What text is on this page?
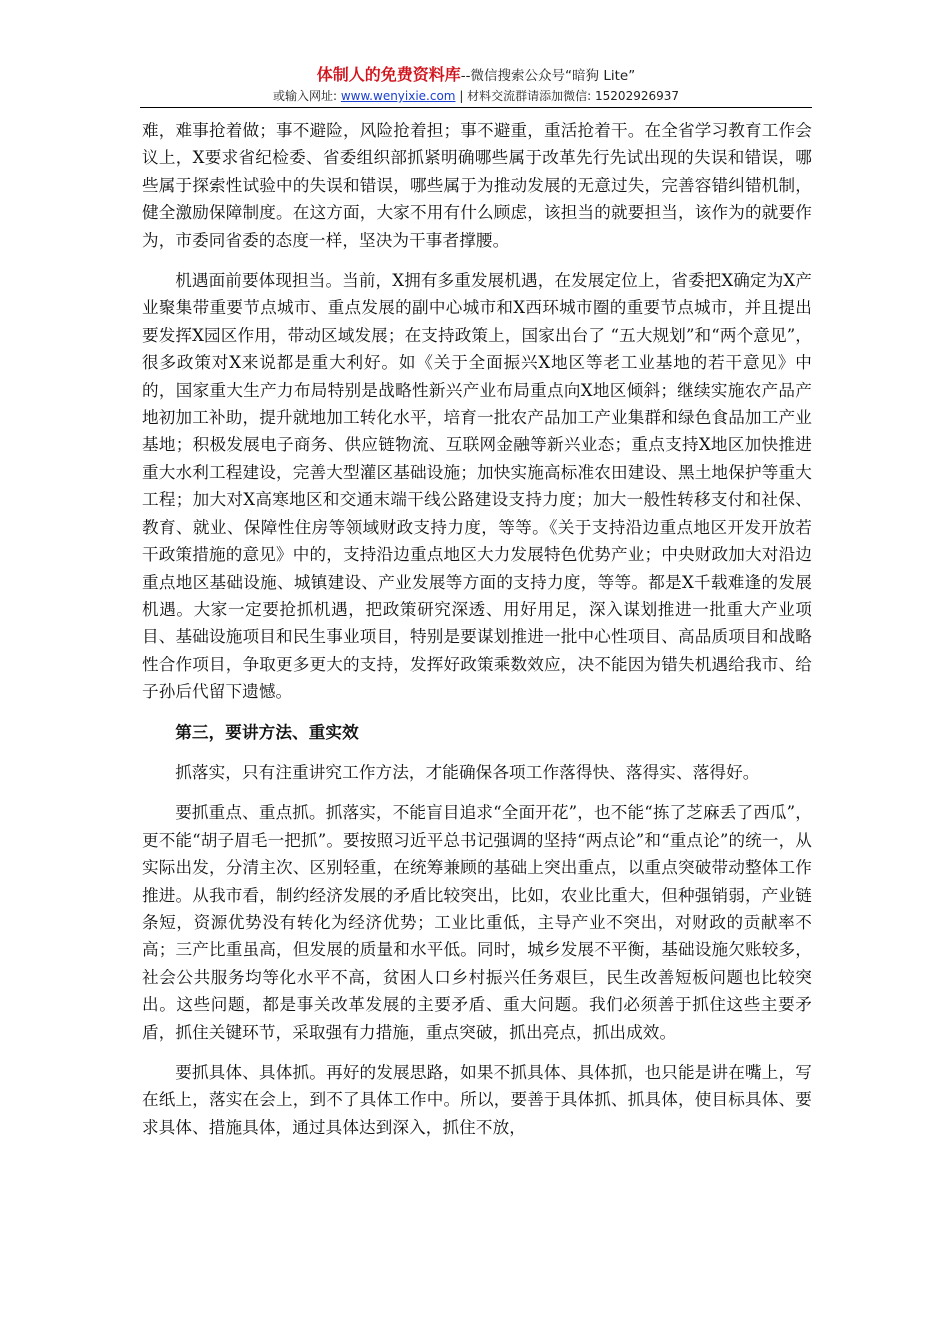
体制人的免费资料库--微信搜索公众号“暗狗 Lite”
或输入网址: www.wenyixie.com | 材料交流群请添加微信: 15202926937

难，难事抢着做；事不避险，风险抢着担；事不避重，重活抢着干。在全省学习教育工作会议上，X要求省纪检委、省委组织部抓紧明确哪些属于改革先行先试出现的失误和错误，哪些属于探索性试验中的失误和错误，哪些属于为推动发展的无意过失，完善容错纠错机制，健全激励保障制度。在这方面，大家不用有什么顾虑，该担当的就要担当，该作为的就要作为，市委同省委的态度一样，坚决为干事者撑腰。

机遇面前要体现担当。当前，X拥有多重发展机遇，在发展定位上，省委把X确定为X产业聚集带重要节点城市、重点发展的副中心城市和X西环城市圈的重要节点城市，并且提出要发挥X园区作用，带动区域发展；在支持政策上，国家出台了 “五大规划”和“两个意见”，很多政策对X来说都是重大利好。如《关于全面振兴X地区等老工业基地的若干意见》中的，国家重大生产力布局特别是战略性新兴产业布局重点向X地区倾斜；继续实施农产品产地初加工补助，提升就地加工转化水平，培育一批农产品加工产业集群和绿色食品加工产业基地；积极发展电子商务、供应链物流、互联网金融等新兴业态；重点支持X地区加快推进重大水利工程建设，完善大型灌区基础设施；加快实施高标准农田建设、黑土地保护等重大工程；加大对X高寒地区和交通末端干线公路建设支持力度；加大一般性转移支付和社保、教育、就业、保障性住房等领域财政支持力度，等等。《关于支持沿边重点地区开发开放若干政策措施的意见》中的，支持沿边重点地区大力发展特色优势产业；中央财政加大对沿边重点地区基础设施、城镇建设、产业发展等方面的支持力度，等等。都是X千载难逢的发展机遇。大家一定要抢抓机遇，把政策研究深透、用好用足，深入谋划推进一批重大产业项目、基础设施项目和民生事业项目，特别是要谋划推进一批中心性项目、高品质项目和战略性合作项目，争取更多更大的支持，发挥好政策乘数效应，决不能因为错失机遇给我市、给子孙后代留下遗憾。

第三，要讲方法、重实效

抓落实，只有注重讲究工作方法，才能确保各项工作落得快、落得实、落得好。

要抓重点、重点抓。抓落实，不能盲目追求“全面开花”，也不能“拣了芝麻丢了西瓜”，更不能“胡子眉毛一把抓”。要按照习近平总书记强调的坚持“两点论”和“重点论”的统一，从实际出发，分清主次、区别轻重，在统筹兼顾的基础上突出重点，以重点突破带动整体工作推进。从我市看，制约经济发展的矛盾比较突出，比如，农业比重大，但种强销弱，产业链条短，资源优势没有转化为经济优势；工业比重低，主导产业不突出，对财政的贡献率不高；三产比重虽高，但发展的质量和水平低。同时，城乡发展不平衡，基础设施欠账较多，社会公共服务均等化水平不高，贫困人口乡村振兴任务艰巨，民生改善短板问题也比较突出。这些问题，都是事关改革发展的主要矛盾、重大问题。我们必须善于抓住这些主要矛盾，抓住关键环节，采取强有力措施，重点突破，抓出亮点，抓出成效。

要抓具体、具体抓。再好的发展思路，如果不抓具体、具体抓，也只能是讲在嘴上，写在纸上，落实在会上，到不了具体工作中。所以，要善于具体抓、抓具体，使目标具体、要求具体、措施具体，通过具体达到深入，抓住不放，
